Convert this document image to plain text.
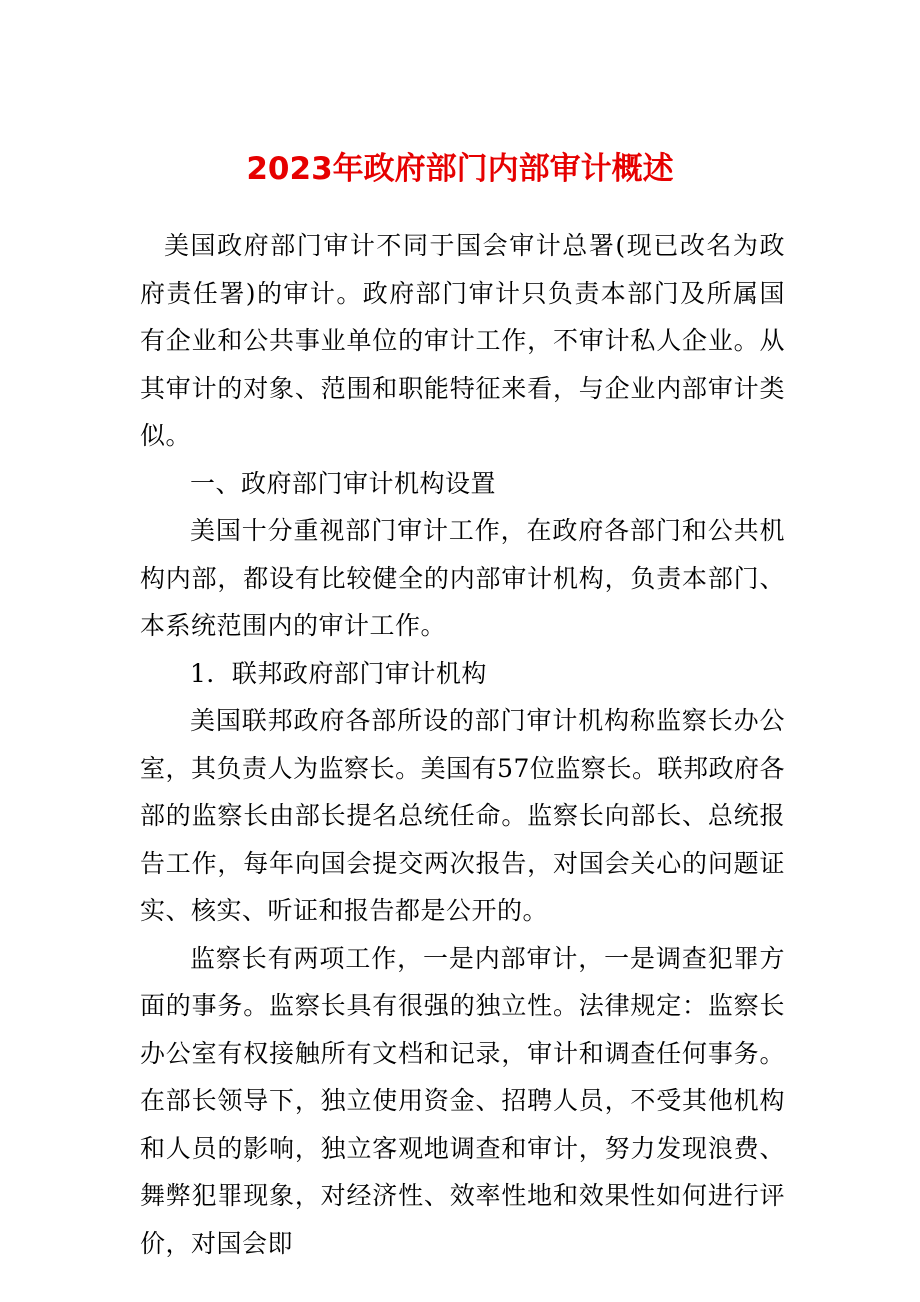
2023年政府部门内部审计概述

美国政府部门审计不同于国会审计总署(现已改名为政府责任署)的审计。政府部门审计只负责本部门及所属国有企业和公共事业单位的审计工作，不审计私人企业。从其审计的对象、范围和职能特征来看，与企业内部审计类似。

一、政府部门审计机构设置

美国十分重视部门审计工作，在政府各部门和公共机构内部，都设有比较健全的内部审计机构，负责本部门、本系统范围内的审计工作。

1．联邦政府部门审计机构

美国联邦政府各部所设的部门审计机构称监察长办公室，其负责人为监察长。美国有57位监察长。联邦政府各部的监察长由部长提名总统任命。监察长向部长、总统报告工作，每年向国会提交两次报告，对国会关心的问题证实、核实、听证和报告都是公开的。

监察长有两项工作，一是内部审计，一是调查犯罪方面的事务。监察长具有很强的独立性。法律规定：监察长办公室有权接触所有文档和记录，审计和调查任何事务。在部长领导下，独立使用资金、招聘人员，不受其他机构和人员的影响，独立客观地调查和审计，努力发现浪费、舞弊犯罪现象，对经济性、效率性地和效果性如何进行评价，对国会即
